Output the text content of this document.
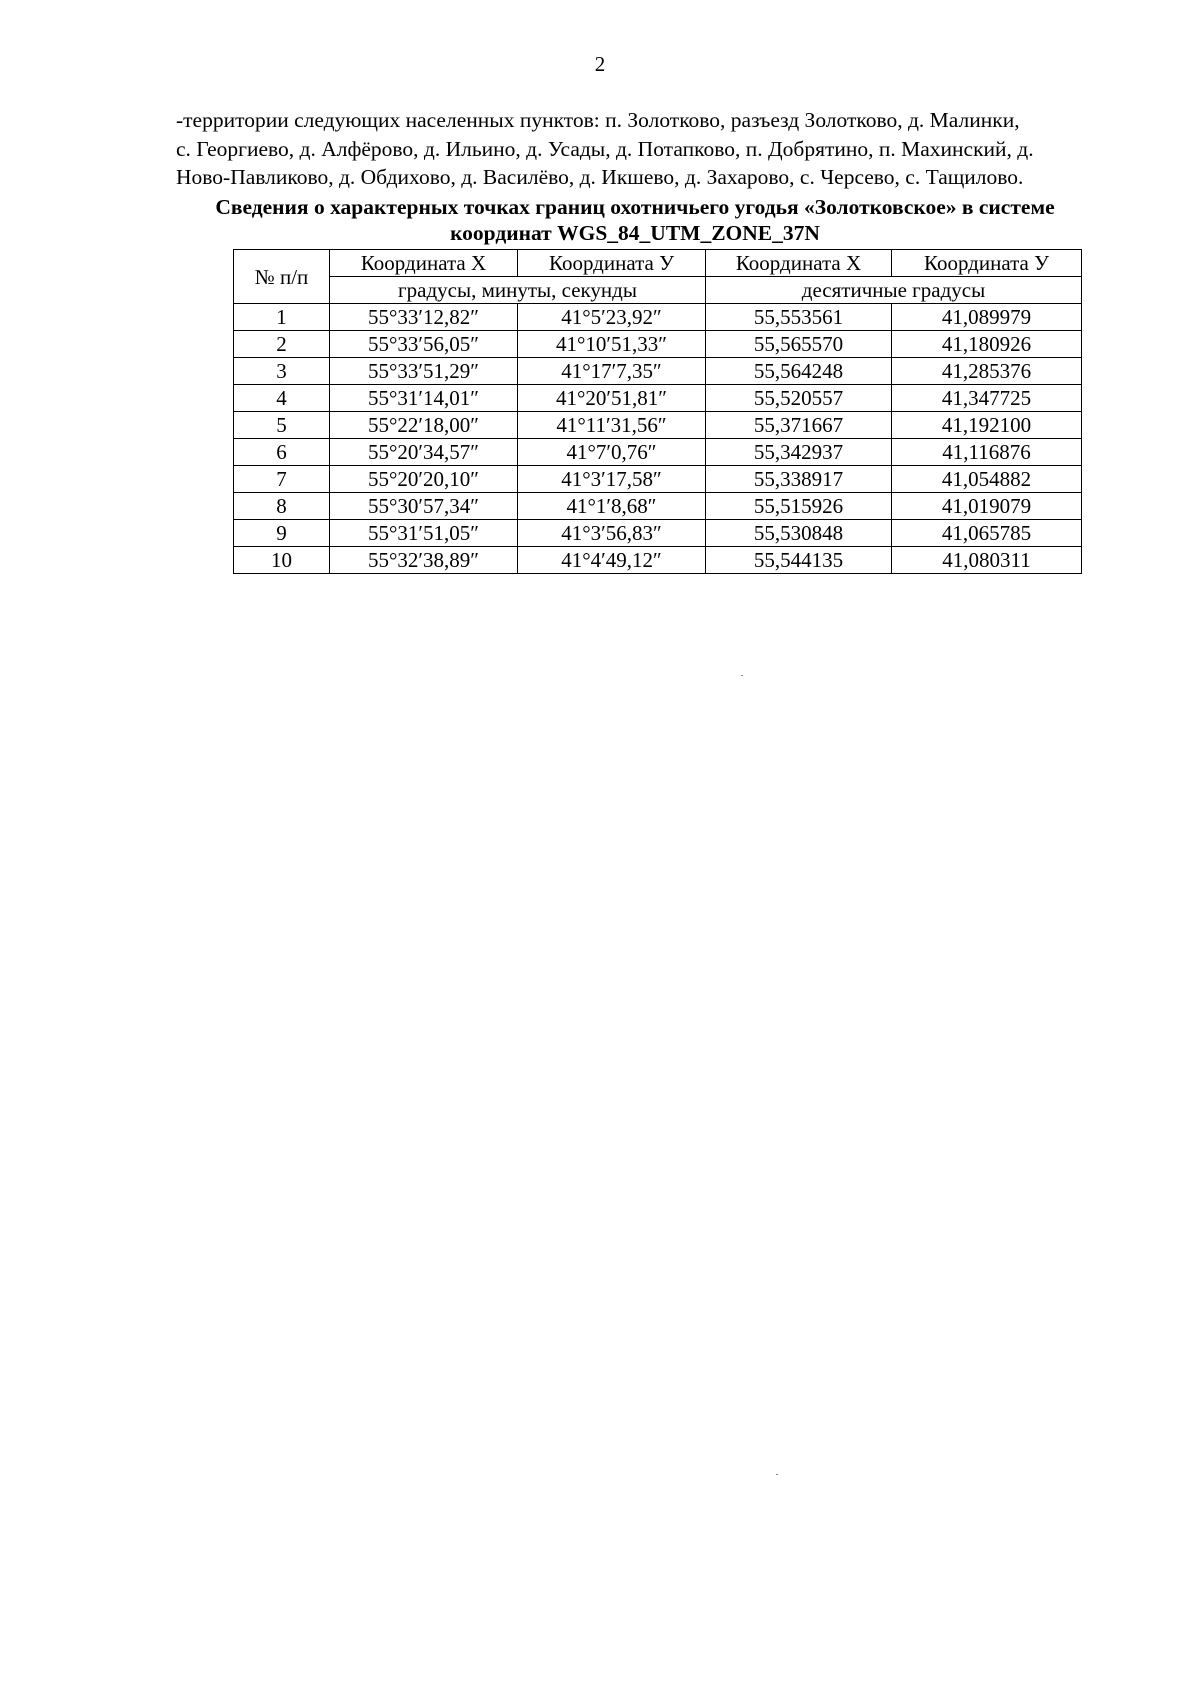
2
-территории следующих населенных пунктов: п. Золотково, разъезд Золотково, д. Малинки,
с. Георгиево, д. Алфёрово, д. Ильино, д. Усады, д. Потапково, п. Добрятино, п. Махинский, д.
Ново-Павликово, д. Обдихово, д. Василёво, д. Икшево, д. Захарово, с. Черсево, с. Тащилово.
Сведения о характерных точках границ охотничьего угодья «Золотковское» в системе
координат WGS_84_UTM_ZONE_37N
№ п/п	Координата Х	Координата У	Координата Х	Координата У
	градусы, минуты, секунды		десятичные градусы	
1	55°33′12,82″	41°5′23,92″	55,553561	41,089979
2	55°33′56,05″	41°10′51,33″	55,565570	41,180926
3	55°33′51,29″	41°17′7,35″	55,564248	41,285376
4	55°31′14,01″	41°20′51,81″	55,520557	41,347725
5	55°22′18,00″	41°11′31,56″	55,371667	41,192100
6	55°20′34,57″	41°7′0,76″	55,342937	41,116876
7	55°20′20,10″	41°3′17,58″	55,338917	41,054882
8	55°30′57,34″	41°1′8,68″	55,515926	41,019079
9	55°31′51,05″	41°3′56,83″	55,530848	41,065785
10	55°32′38,89″	41°4′49,12″	55,544135	41,080311
